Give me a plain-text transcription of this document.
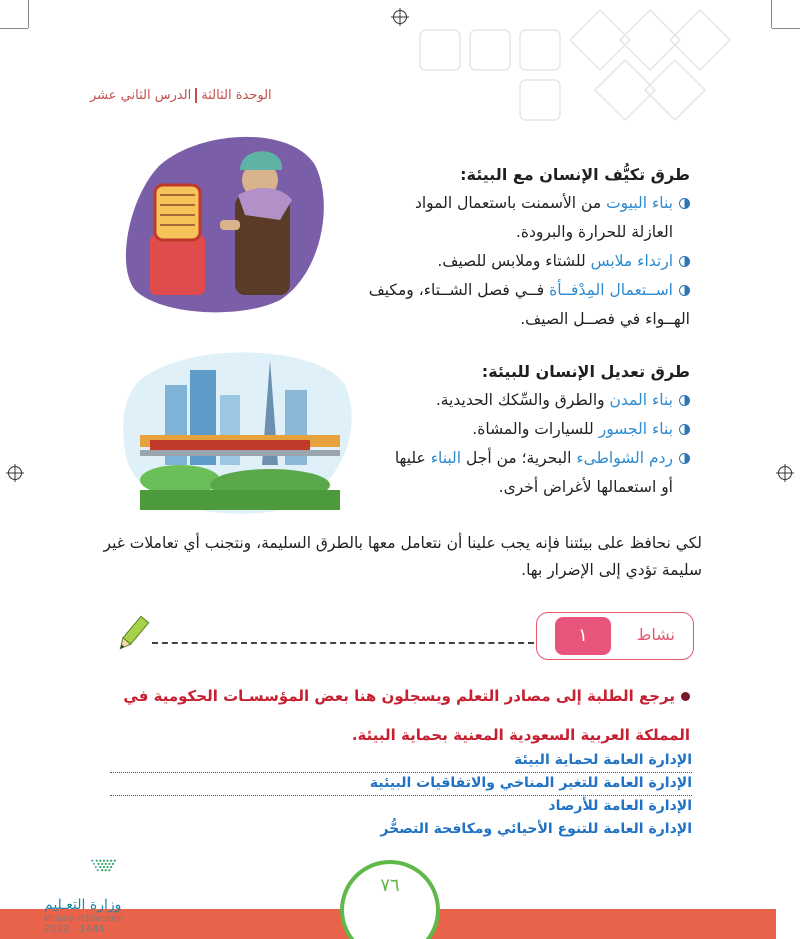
الوحدة الثالثةالدرس الثاني عشر
طرق تكيُّف الإنسان مع البيئة:
بناء البيوت من الأسمنت باستعمال المواد
العازلة للحرارة والبرودة.
ارتداء ملابس للشتاء وملابس للصيف.
اســتعمال المِدْفــأة فــي فصل الشــتاء، ومكيف
الهــواء في فصــل الصيف.
طرق تعديل الإنسان للبيئة:
بناء المدن والطرق والسِّكك الحديدية.
بناء الجسور للسيارات والمشاة.
ردم الشواطىء البحرية؛ من أجل البناء عليها
أو استعمالها لأغراض أخرى.
لكي نحافظ على بيئتنا فإنه يجب علينا أن نتعامل معها بالطرق السليمة، ونتجنب أي تعاملات غير سليمة تؤدي إلى الإضرار بها.
نشاط
١
يرجع الطلبة إلى مصادر التعلم ويسجلون هنا بعض المؤسسـات الحكومية في
المملكة العربية السعودية المعنية بحماية البيئة.
الإدارة العامة لحماية البيئة
الإدارة العامة للتغير المناخي والاتفاقيات البيئية
الإدارة العامة للأرصاد
الإدارة العامة للتنوع الأحيائي ومكافحة التصحُّر
٧٦
وزارة التعـليم
Ministry of Education
2022 - 1444
